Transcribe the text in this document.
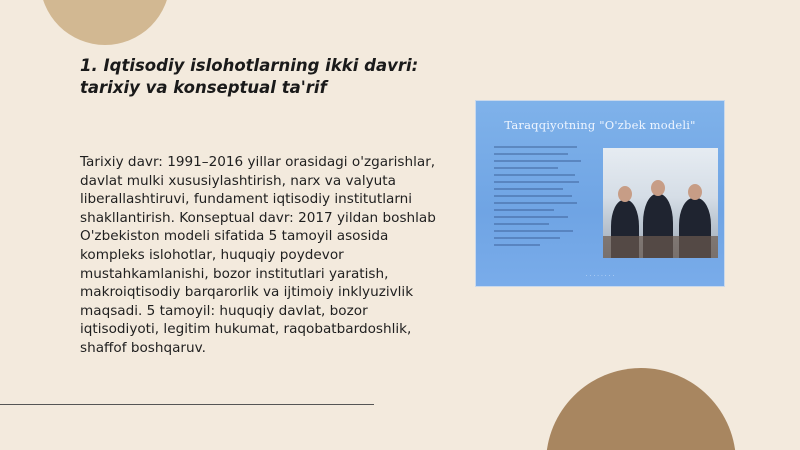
1. Iqtisodiy islohotlarning ikki davri:
tarixiy va konseptual ta'rif

Tarixiy davr: 1991–2016 yillar orasidagi o'zgarishlar, davlat mulki xususiylashtirish, narx va valyuta liberallashtiruvi, fundament iqtisodiy institutlarni shakllantirish. Konseptual davr: 2017 yildan boshlab O'zbekiston modeli sifatida 5 tamoyil asosida kompleks islohotlar, huquqiy poydevor mustahkamlanishi, bozor institutlari yaratish, makroiqtisodiy barqarorlik va ijtimoiy inklyuzivlik maqsadi. 5 tamoyil: huquqiy davlat, bozor iqtisodiyoti, legitim hukumat, raqobatbardoshlik, shaffof boshqaruv.

Taraqqiyotning "O'zbek modeli"
· · · · · · · ·
